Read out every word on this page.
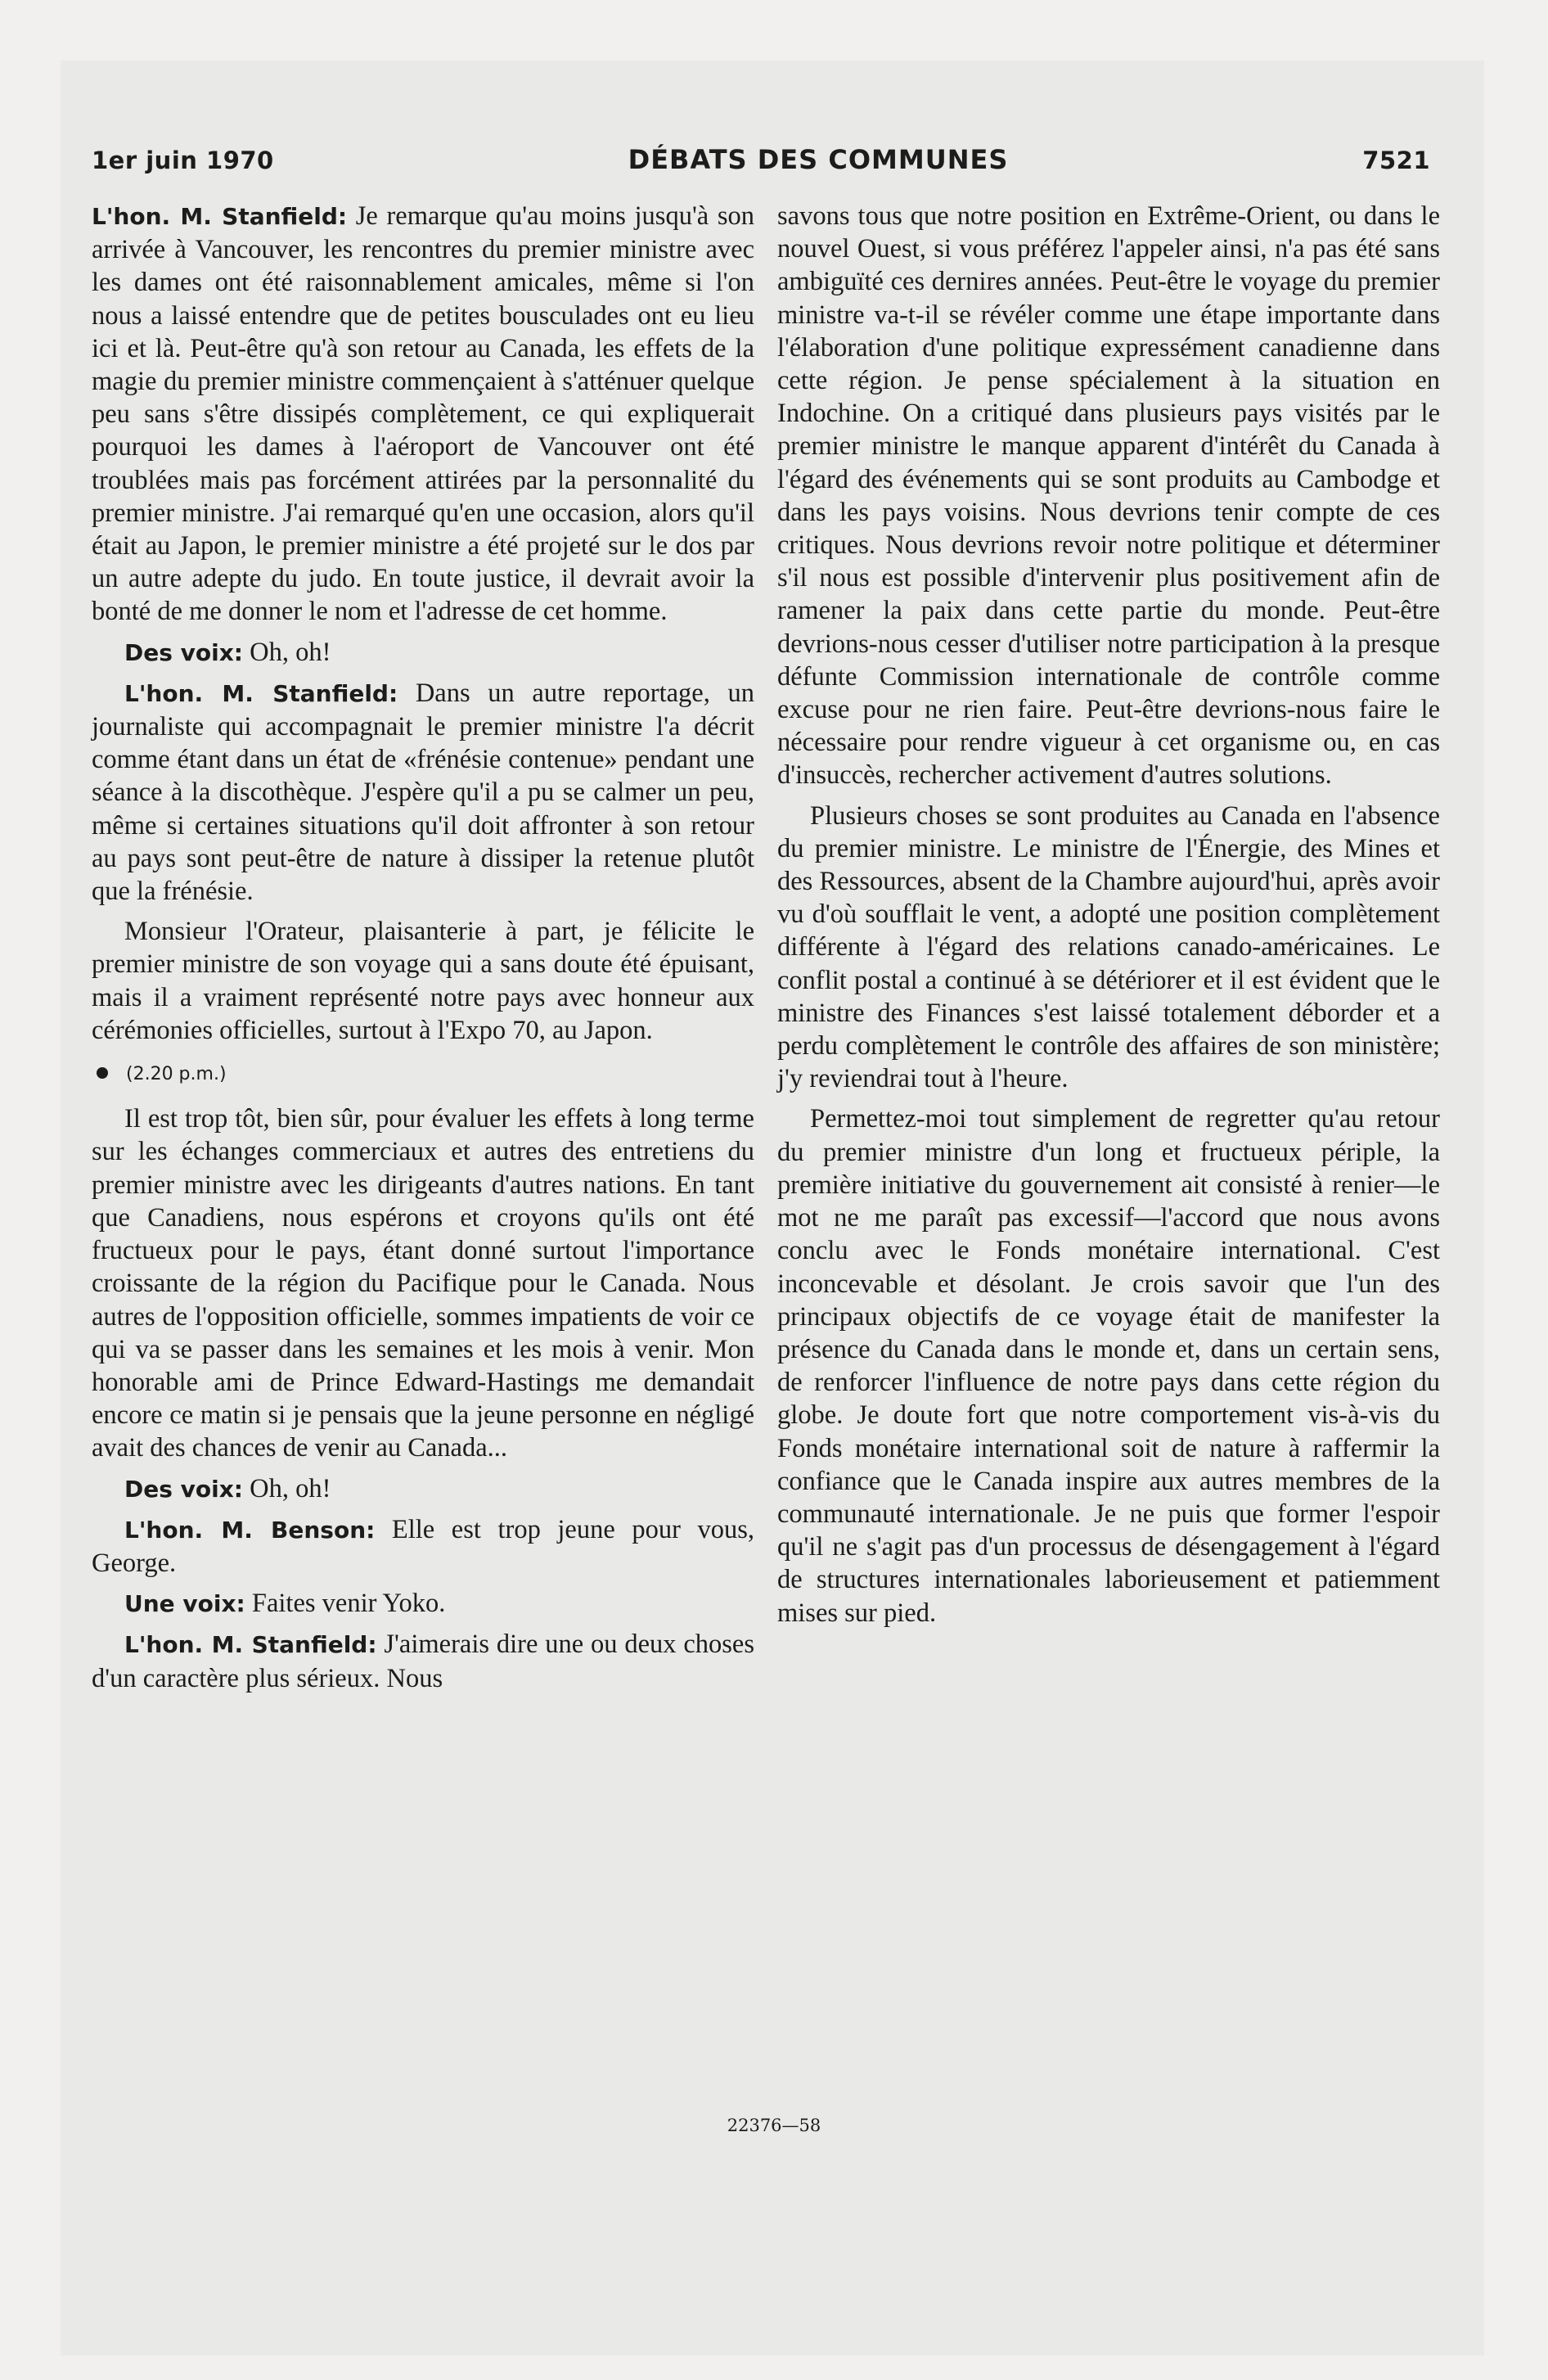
1er juin 1970	DÉBATS DES COMMUNES	7521

L'hon. M. Stanfield: Je remarque qu'au moins jusqu'à son arrivée à Vancouver, les rencontres du premier ministre avec les dames ont été raisonnablement amicales, même si l'on nous a laissé entendre que de petites bousculades ont eu lieu ici et là. Peut-être qu'à son retour au Canada, les effets de la magie du premier ministre commençaient à s'atténuer quelque peu sans s'être dissipés complètement, ce qui expliquerait pourquoi les dames à l'aéroport de Vancouver ont été troublées mais pas forcément attirées par la personnalité du premier ministre. J'ai remarqué qu'en une occasion, alors qu'il était au Japon, le premier ministre a été projeté sur le dos par un autre adepte du judo. En toute justice, il devrait avoir la bonté de me donner le nom et l'adresse de cet homme.

Des voix: Oh, oh!

L'hon. M. Stanfield: Dans un autre reportage, un journaliste qui accompagnait le premier ministre l'a décrit comme étant dans un état de «frénésie contenue» pendant une séance à la discothèque. J'espère qu'il a pu se calmer un peu, même si certaines situations qu'il doit affronter à son retour au pays sont peut-être de nature à dissiper la retenue plutôt que la frénésie.

Monsieur l'Orateur, plaisanterie à part, je félicite le premier ministre de son voyage qui a sans doute été épuisant, mais il a vraiment représenté notre pays avec honneur aux cérémonies officielles, surtout à l'Expo 70, au Japon.

(2.20 p.m.)

Il est trop tôt, bien sûr, pour évaluer les effets à long terme sur les échanges commerciaux et autres des entretiens du premier ministre avec les dirigeants d'autres nations. En tant que Canadiens, nous espérons et croyons qu'ils ont été fructueux pour le pays, étant donné surtout l'importance croissante de la région du Pacifique pour le Canada. Nous autres de l'opposition officielle, sommes impatients de voir ce qui va se passer dans les semaines et les mois à venir. Mon honorable ami de Prince Edward-Hastings me demandait encore ce matin si je pensais que la jeune personne en négligé avait des chances de venir au Canada...

Des voix: Oh, oh!

L'hon. M. Benson: Elle est trop jeune pour vous, George.

Une voix: Faites venir Yoko.

L'hon. M. Stanfield: J'aimerais dire une ou deux choses d'un caractère plus sérieux. Nous

savons tous que notre position en Extrême-Orient, ou dans le nouvel Ouest, si vous préférez l'appeler ainsi, n'a pas été sans ambiguïté ces dernires années. Peut-être le voyage du premier ministre va-t-il se révéler comme une étape importante dans l'élaboration d'une politique expressément canadienne dans cette région. Je pense spécialement à la situation en Indochine. On a critiqué dans plusieurs pays visités par le premier ministre le manque apparent d'intérêt du Canada à l'égard des événements qui se sont produits au Cambodge et dans les pays voisins. Nous devrions tenir compte de ces critiques. Nous devrions revoir notre politique et déterminer s'il nous est possible d'intervenir plus positivement afin de ramener la paix dans cette partie du monde. Peut-être devrions-nous cesser d'utiliser notre participation à la presque défunte Commission internationale de contrôle comme excuse pour ne rien faire. Peut-être devrions-nous faire le nécessaire pour rendre vigueur à cet organisme ou, en cas d'insuccès, rechercher activement d'autres solutions.

Plusieurs choses se sont produites au Canada en l'absence du premier ministre. Le ministre de l'Énergie, des Mines et des Ressources, absent de la Chambre aujourd'hui, après avoir vu d'où soufflait le vent, a adopté une position complètement différente à l'égard des relations canado-américaines. Le conflit postal a continué à se détériorer et il est évident que le ministre des Finances s'est laissé totalement déborder et a perdu complètement le contrôle des affaires de son ministère; j'y reviendrai tout à l'heure.

Permettez-moi tout simplement de regretter qu'au retour du premier ministre d'un long et fructueux périple, la première initiative du gouvernement ait consisté à renier—le mot ne me paraît pas excessif—l'accord que nous avons conclu avec le Fonds monétaire international. C'est inconcevable et désolant. Je crois savoir que l'un des principaux objectifs de ce voyage était de manifester la présence du Canada dans le monde et, dans un certain sens, de renforcer l'influence de notre pays dans cette région du globe. Je doute fort que notre comportement vis-à-vis du Fonds monétaire international soit de nature à raffermir la confiance que le Canada inspire aux autres membres de la communauté internationale. Je ne puis que former l'espoir qu'il ne s'agit pas d'un processus de désengagement à l'égard de structures internationales laborieusement et patiemment mises sur pied.

22376—58
